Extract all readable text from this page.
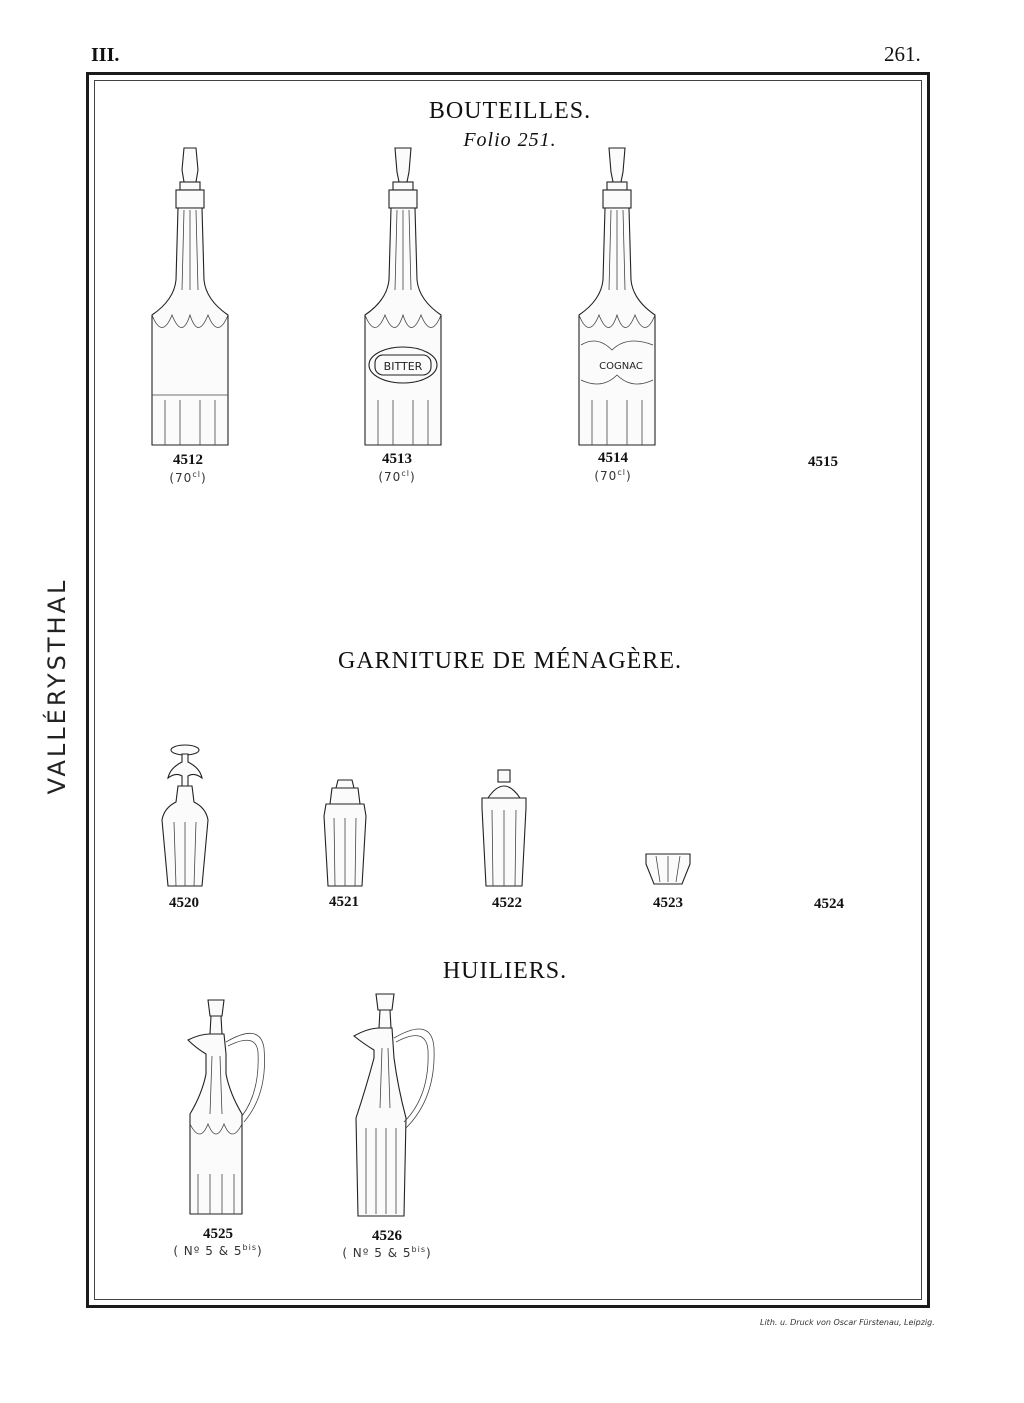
III.	261.
VALLÉRYSTHAL
BOUTEILLES.
Folio 251.
BITTER	COGNAC
4512
$(70^{cl})$
4513
$(70^{cl})$
4514
$(70^{cl})$
4515
GARNITURE DE MÉNAGÈRE.
4520	4521	4522	4523	4524
HUILIERS.
4525
( Nº 5 & $5^{bis}$)
4526
( Nº 5 & $5^{bis}$)
Lith. u. Druck von Oscar Fürstenau, Leipzig.
